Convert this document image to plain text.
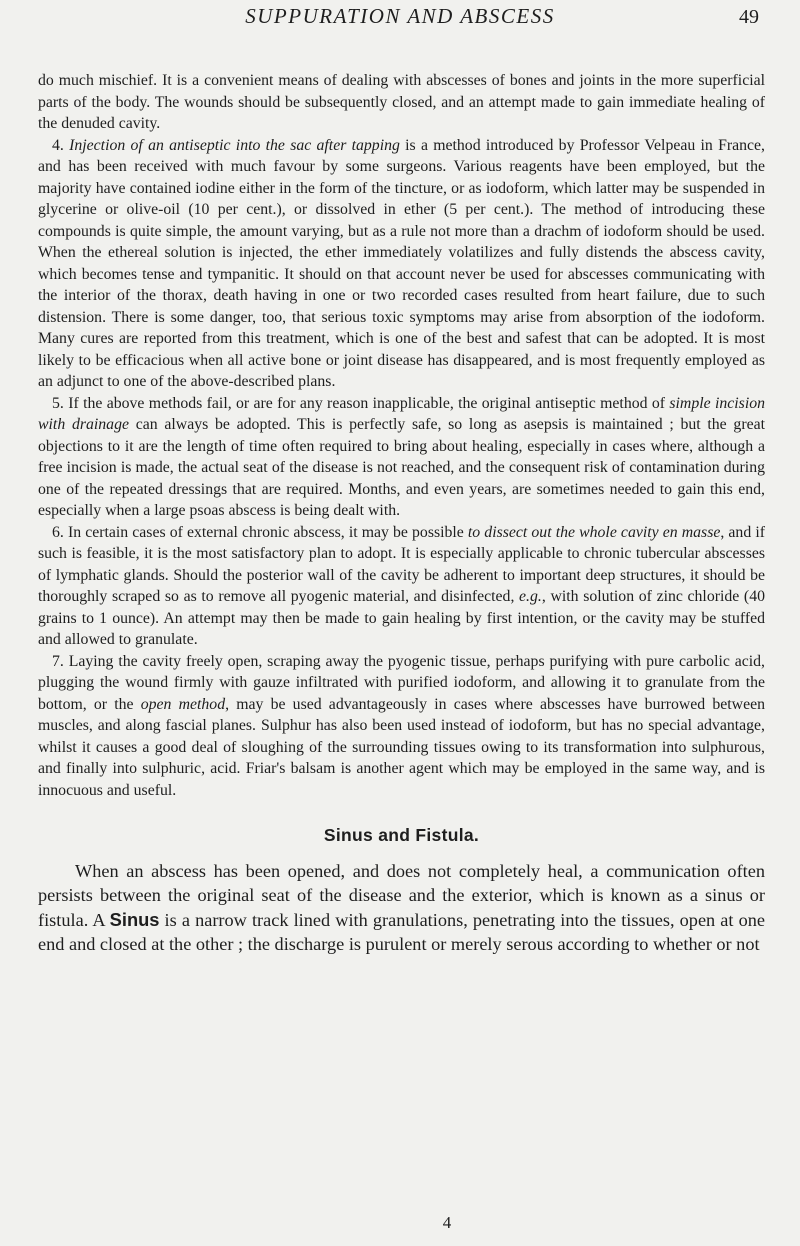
SUPPURATION AND ABSCESS	49

do much mischief. It is a convenient means of dealing with abscesses of bones and joints in the more superficial parts of the body. The wounds should be subsequently closed, and an attempt made to gain immediate healing of the denuded cavity.

4. Injection of an antiseptic into the sac after tapping is a method introduced by Professor Velpeau in France, and has been received with much favour by some surgeons. Various reagents have been employed, but the majority have contained iodine either in the form of the tincture, or as iodoform, which latter may be suspended in glycerine or olive-oil (10 per cent.), or dissolved in ether (5 per cent.). The method of introducing these compounds is quite simple, the amount varying, but as a rule not more than a drachm of iodoform should be used. When the ethereal solution is injected, the ether immediately volatilizes and fully distends the abscess cavity, which becomes tense and tympanitic. It should on that account never be used for abscesses communicating with the interior of the thorax, death having in one or two recorded cases resulted from heart failure, due to such distension. There is some danger, too, that serious toxic symptoms may arise from absorption of the iodoform. Many cures are reported from this treatment, which is one of the best and safest that can be adopted. It is most likely to be efficacious when all active bone or joint disease has disappeared, and is most frequently employed as an adjunct to one of the above-described plans.

5. If the above methods fail, or are for any reason inapplicable, the original antiseptic method of simple incision with drainage can always be adopted. This is perfectly safe, so long as asepsis is maintained ; but the great objections to it are the length of time often required to bring about healing, especially in cases where, although a free incision is made, the actual seat of the disease is not reached, and the consequent risk of contamination during one of the repeated dressings that are required. Months, and even years, are sometimes needed to gain this end, especially when a large psoas abscess is being dealt with.

6. In certain cases of external chronic abscess, it may be possible to dissect out the whole cavity en masse, and if such is feasible, it is the most satisfactory plan to adopt. It is especially applicable to chronic tubercular abscesses of lymphatic glands. Should the posterior wall of the cavity be adherent to important deep structures, it should be thoroughly scraped so as to remove all pyogenic material, and disinfected, e.g., with solution of zinc chloride (40 grains to 1 ounce). An attempt may then be made to gain healing by first intention, or the cavity may be stuffed and allowed to granulate.

7. Laying the cavity freely open, scraping away the pyogenic tissue, perhaps purifying with pure carbolic acid, plugging the wound firmly with gauze infiltrated with purified iodoform, and allowing it to granulate from the bottom, or the open method, may be used advantageously in cases where abscesses have burrowed between muscles, and along fascial planes. Sulphur has also been used instead of iodoform, but has no special advantage, whilst it causes a good deal of sloughing of the surrounding tissues owing to its transformation into sulphurous, and finally into sulphuric, acid. Friar's balsam is another agent which may be employed in the same way, and is innocuous and useful.

Sinus and Fistula.

When an abscess has been opened, and does not completely heal, a communication often persists between the original seat of the disease and the exterior, which is known as a sinus or fistula. A Sinus is a narrow track lined with granulations, penetrating into the tissues, open at one end and closed at the other ; the discharge is purulent or merely serous according to whether or not

4
